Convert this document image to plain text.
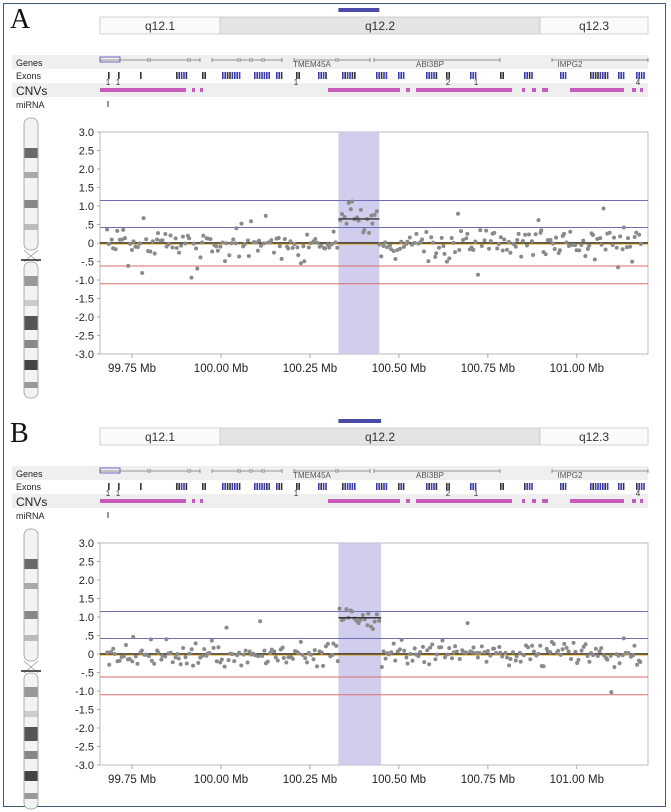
A	q12.1	q12.2	q12.3
Genes
Exons
CNVs
miRNA
TMEM45A	ABI3BP	IMPG2
1 1	1	2	1	4
3.0
2.5
2.0
1.5
1.0
.5
0
-.5
-1.0
-1.5
-2.0
-2.5
-3.0
99.75 Mb	100.00 Mb	100.25 Mb	100.50 Mb	100.75 Mb	101.00 Mb
B	q12.1	q12.2	q12.3
Genes
Exons
CNVs
miRNA
TMEM45A	ABI3BP	IMPG2
1 1	1	2	1	4
3.0
2.5
2.0
1.5
1.0
.5
0
-.5
-1.0
-1.5
-2.0
-2.5
-3.0
99.75 Mb	100.00 Mb	100.25 Mb	100.50 Mb	100.75 Mb	101.00 Mb
